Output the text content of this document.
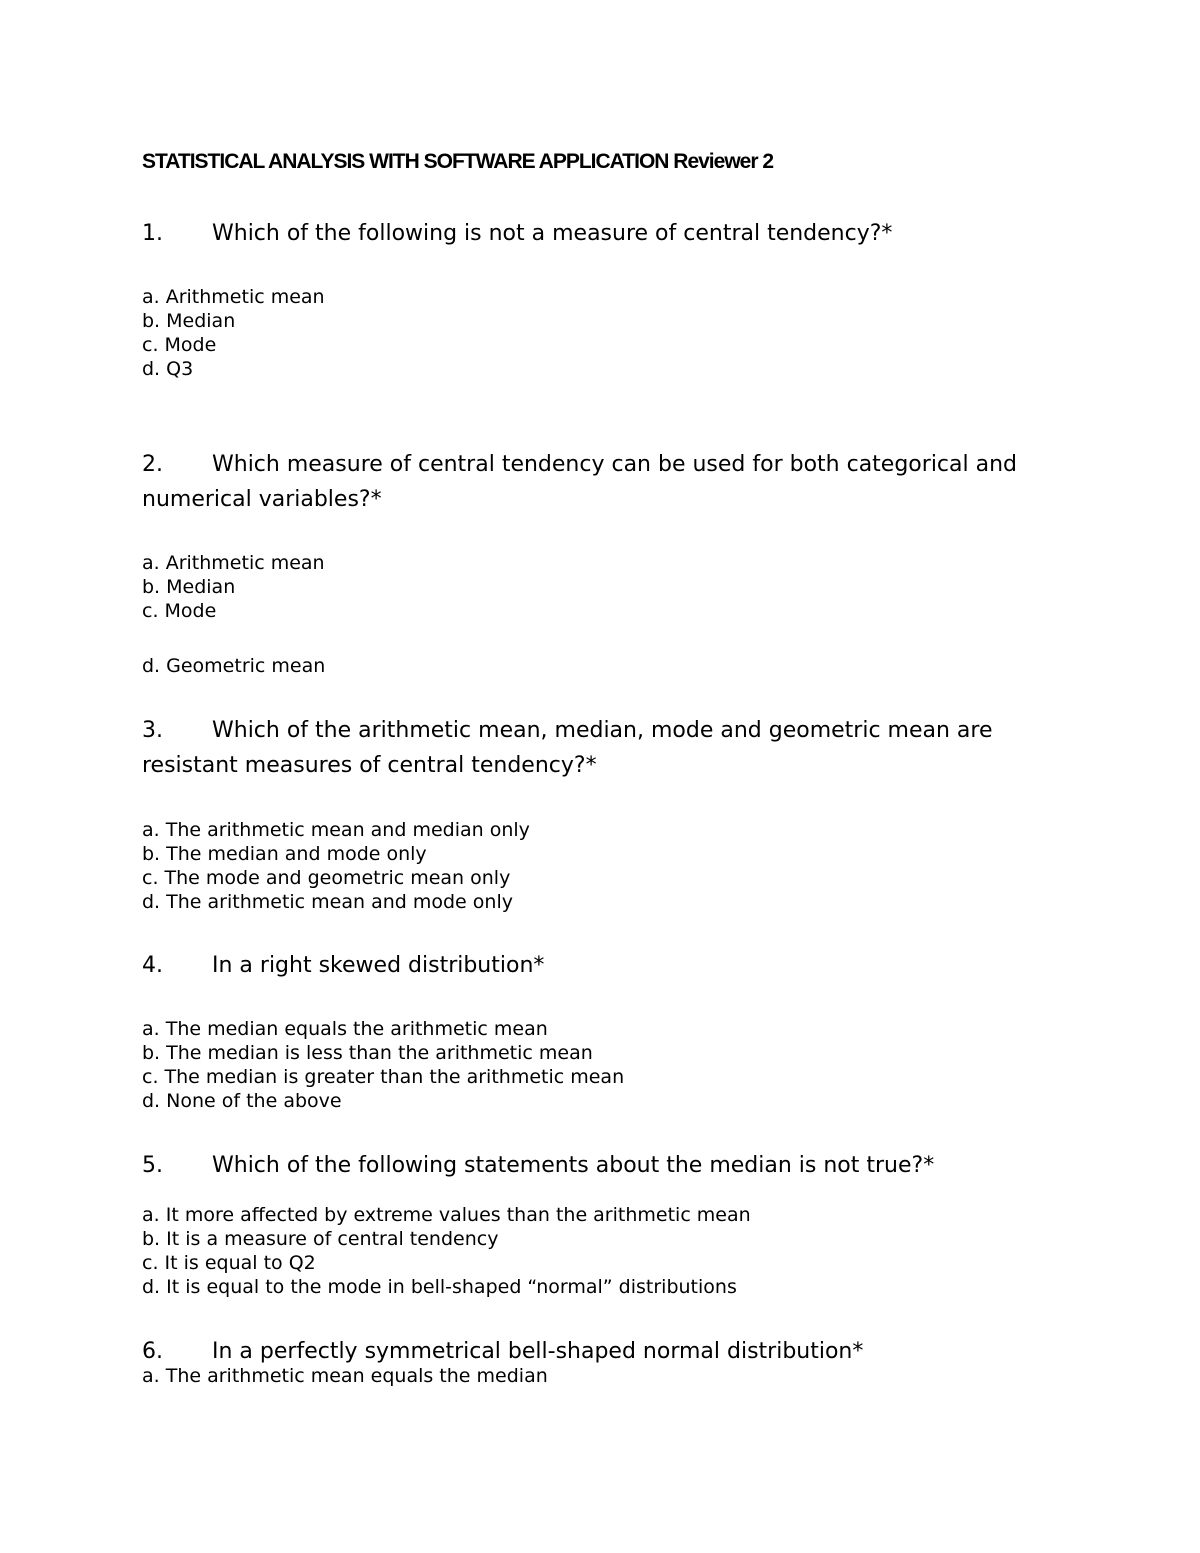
STATISTICAL ANALYSIS WITH SOFTWARE APPLICATION Reviewer 2
1. Which of the following is not a measure of central tendency?*
a. Arithmetic mean
b. Median
c. Mode
d. Q3
2. Which measure of central tendency can be used for both categorical and numerical variables?*
a. Arithmetic mean
b. Median
c. Mode
d. Geometric mean
3. Which of the arithmetic mean, median, mode and geometric mean are resistant measures of central tendency?*
a. The arithmetic mean and median only
b. The median and mode only
c. The mode and geometric mean only
d. The arithmetic mean and mode only
4. In a right skewed distribution*
a. The median equals the arithmetic mean
b. The median is less than the arithmetic mean
c. The median is greater than the arithmetic mean
d. None of the above
5. Which of the following statements about the median is not true?*
a. It more affected by extreme values than the arithmetic mean
b. It is a measure of central tendency
c. It is equal to Q2
d. It is equal to the mode in bell-shaped “normal” distributions
6. In a perfectly symmetrical bell-shaped normal distribution*
a. The arithmetic mean equals the median
